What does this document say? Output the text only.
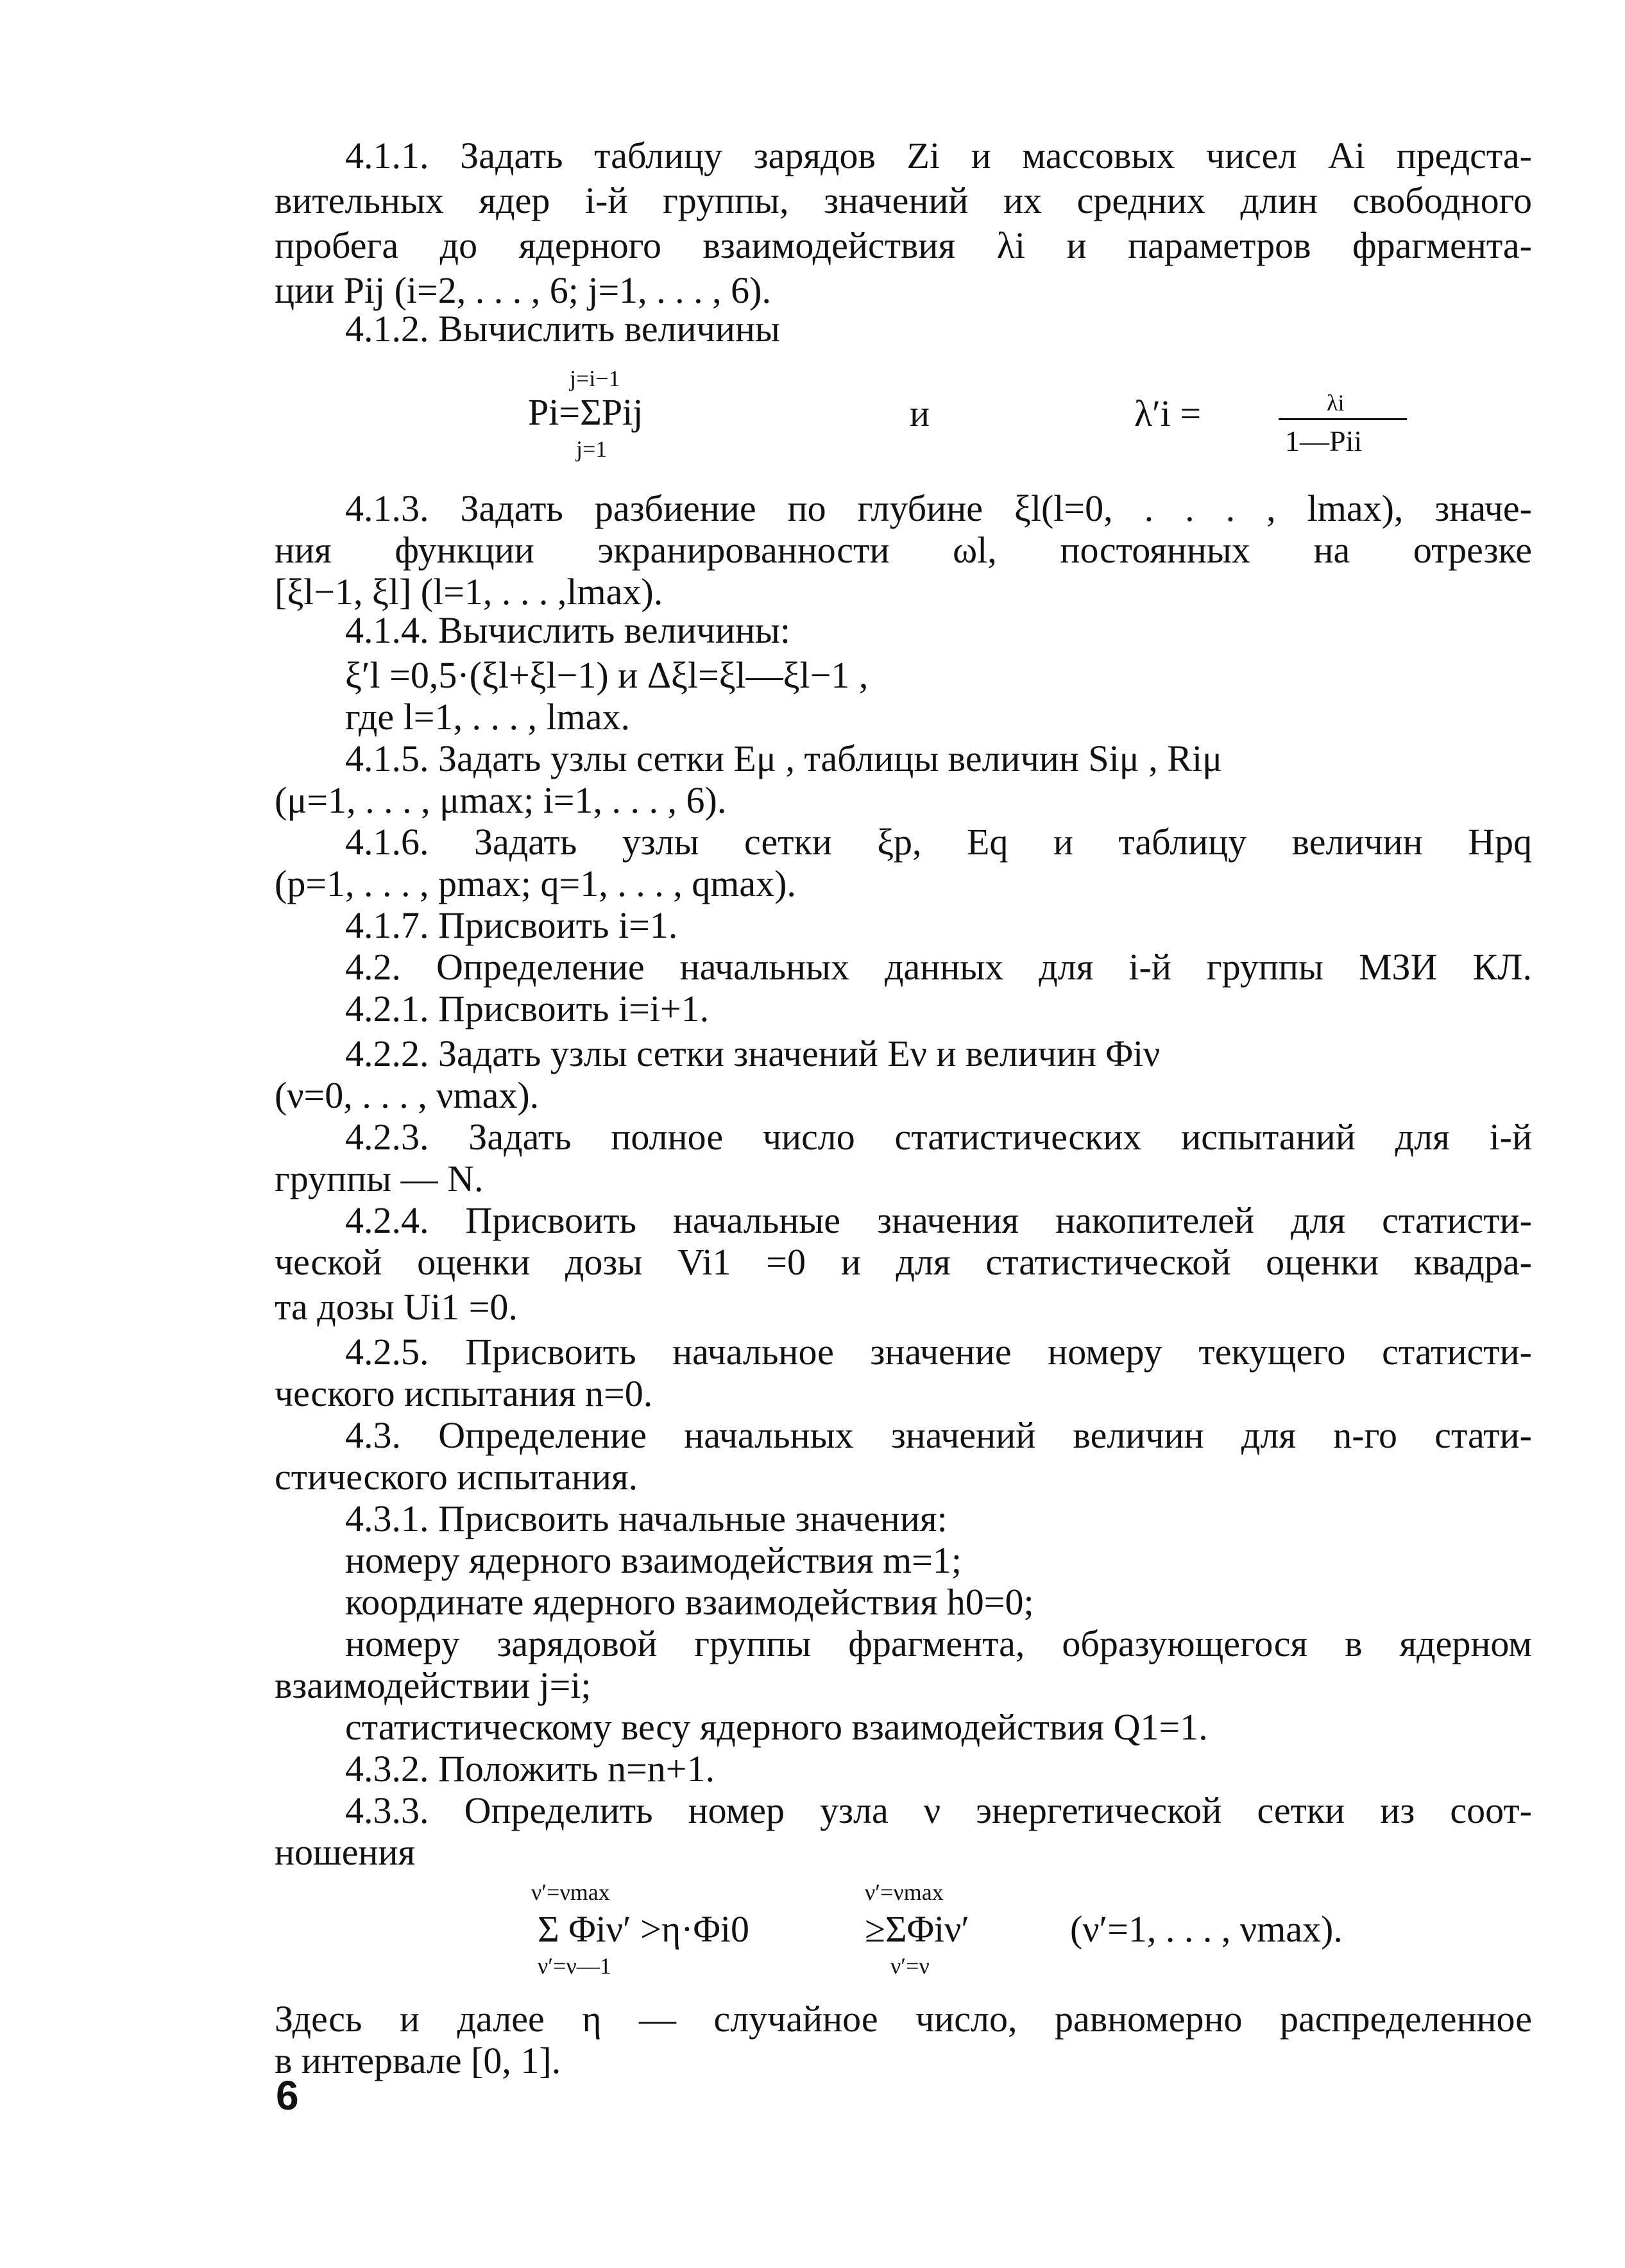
4.1.1. Задать таблицу зарядов Zi и массовых чисел Ai предста-
вительных ядер i-й группы, значений их средних длин свободного
пробега до ядерного взаимодействия λi и параметров фрагмента-
ции Pij (i=2, . . . , 6; j=1, . . . , 6).
4.1.2. Вычислить величины
j=i−1
Pi=ΣPij
j=1
и	λ′i =	λi
1—Pii
4.1.3. Задать разбиение по глубине ξl(l=0, . . . , lmax), значе-
ния функции экранированности ωl, постоянных на отрезке
[ξl−1, ξl] (l=1, . . . ,lmax).
4.1.4. Вычислить величины:
ξ′l =0,5·(ξl+ξl−1) и Δξl=ξl—ξl−1 ,
где l=1, . . . , lmax.
4.1.5. Задать узлы сетки Eμ , таблицы величин Siμ , Riμ
(μ=1, . . . , μmax; i=1, . . . , 6).
4.1.6. Задать узлы сетки ξp, Eq и таблицу величин Hpq
(p=1, . . . , pmax; q=1, . . . , qmax).
4.1.7. Присвоить i=1.
4.2. Определение начальных данных для i-й группы МЗИ КЛ.
4.2.1. Присвоить i=i+1.
4.2.2. Задать узлы сетки значений Eν и величин Φiν
(ν=0, . . . , νmax).
4.2.3. Задать полное число статистических испытаний для i-й
группы — N.
4.2.4. Присвоить начальные значения накопителей для статисти-
ческой оценки дозы Vi1 =0 и для статистической оценки квадра-
та дозы Ui1 =0.
4.2.5. Присвоить начальное значение номеру текущего статисти-
ческого испытания n=0.
4.3. Определение начальных значений величин для n-го стати-
стического испытания.
4.3.1. Присвоить начальные значения:
номеру ядерного взаимодействия m=1;
координате ядерного взаимодействия h0=0;
номеру зарядовой группы фрагмента, образующегося в ядерном
взаимодействии j=i;
статистическому весу ядерного взаимодействия Q1=1.
4.3.2. Положить n=n+1.
4.3.3. Определить номер узла ν энергетической сетки из соот-
ношения
ν′=νmax
Σ Φiν′ >η·Φi0
ν′=ν—1
ν′=νmax
≥ΣΦiν′
ν′=ν
(ν′=1, . . . , νmax).
Здесь и далее η — случайное число, равномерно распределенное
в интервале [0, 1].
6
